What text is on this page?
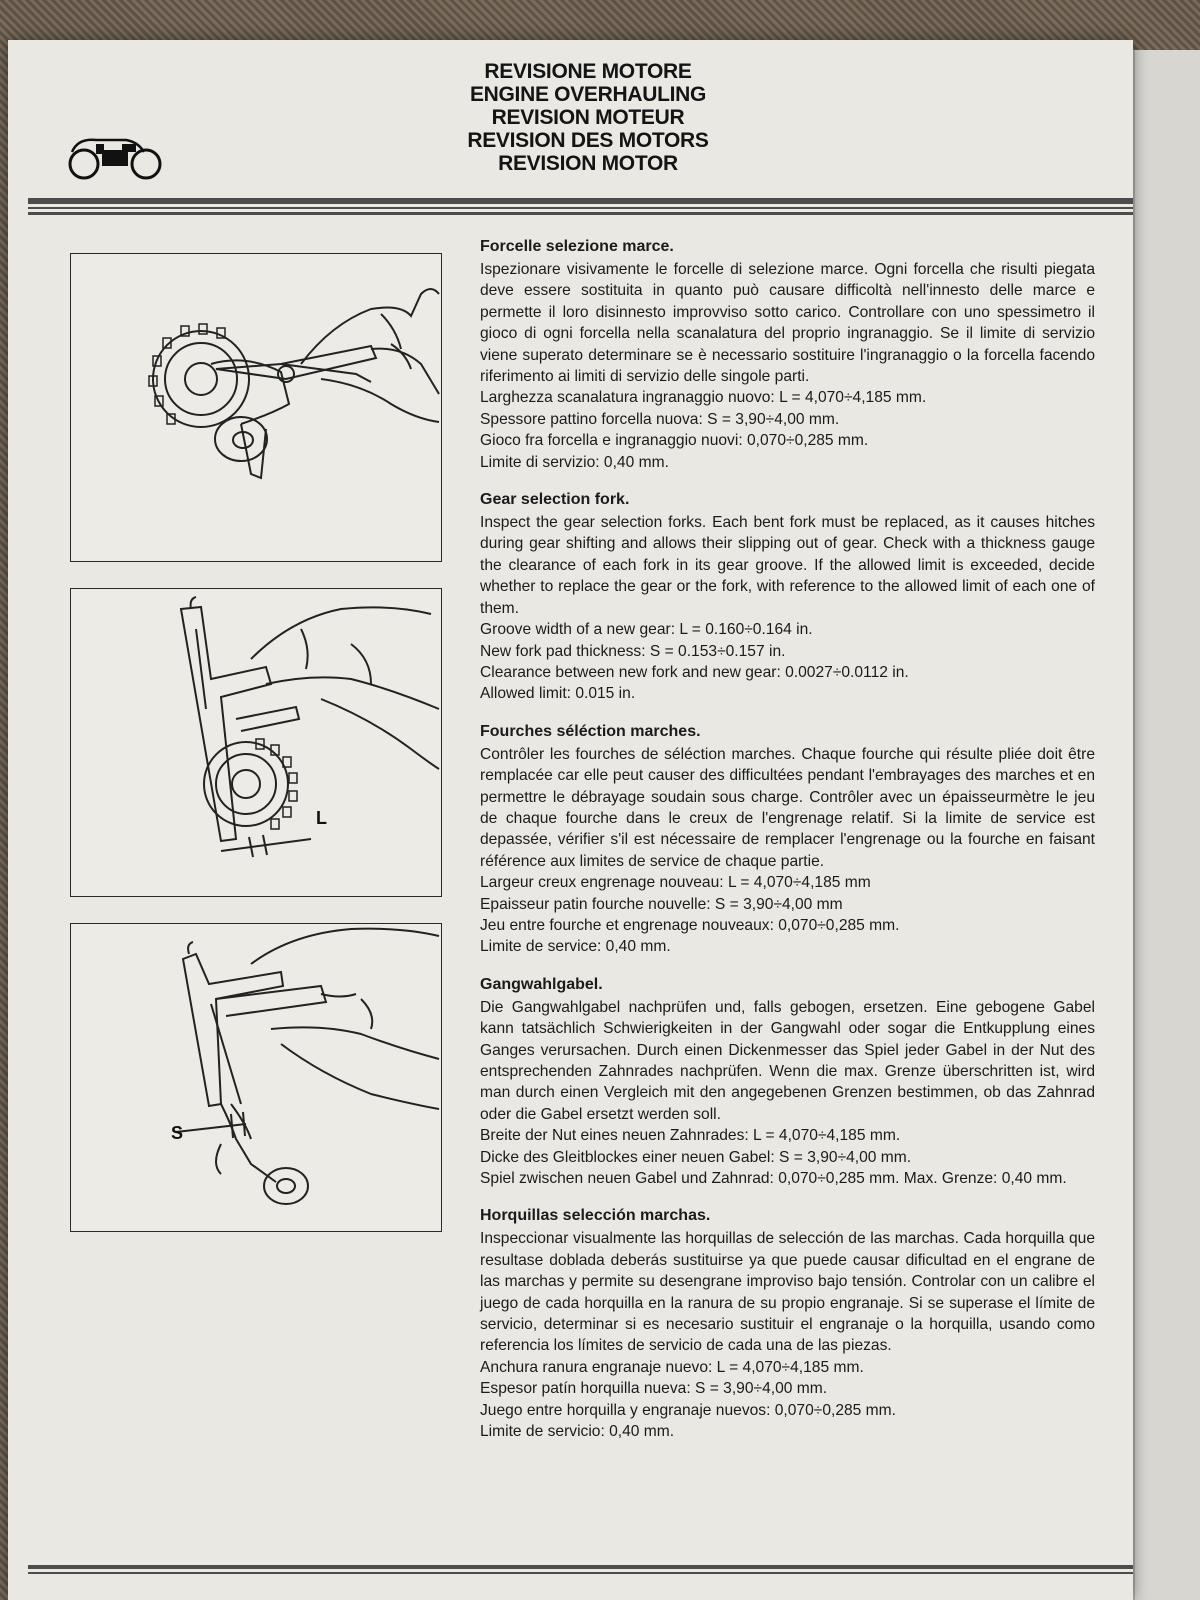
REVISIONE MOTORE
ENGINE OVERHAULING
REVISION MOTEUR
REVISION DES MOTORS
REVISION MOTOR
L
S
Forcelle selezione marce.

Ispezionare visivamente le forcelle di selezione marce. Ogni forcella che risulti piegata deve essere sostituita in quanto può causare difficoltà nell'innesto delle marce e permette il loro disinnesto improvviso sotto carico. Controllare con uno spessimetro il gioco di ogni forcella nella scanalatura del proprio ingranaggio. Se il limite di servizio viene superato determinare se è necessario sostituire l'ingranaggio o la forcella facendo riferimento ai limiti di servizio delle singole parti.

Larghezza scanalatura ingranaggio nuovo: L = 4,070÷4,185 mm.
Spessore pattino forcella nuova: S = 3,90÷4,00 mm.
Gioco fra forcella e ingranaggio nuovi: 0,070÷0,285 mm.
Limite di servizio: 0,40 mm.
Gear selection fork.

Inspect the gear selection forks. Each bent fork must be replaced, as it causes hitches during gear shifting and allows their slipping out of gear. Check with a thickness gauge the clearance of each fork in its gear groove. If the allowed limit is exceeded, decide whether to replace the gear or the fork, with reference to the allowed limit of each one of them.

Groove width of a new gear: L = 0.160÷0.164 in.
New fork pad thickness: S = 0.153÷0.157 in.
Clearance between new fork and new gear: 0.0027÷0.0112 in.
Allowed limit: 0.015 in.
Fourches séléction marches.

Contrôler les fourches de séléction marches. Chaque fourche qui résulte pliée doit être remplacée car elle peut causer des difficultées pendant l'embrayages des marches et en permettre le débrayage soudain sous charge. Contrôler avec un épaisseurmètre le jeu de chaque fourche dans le creux de l'engrenage relatif. Si la limite de service est depassée, vérifier s'il est nécessaire de remplacer l'engrenage ou la fourche en faisant référence aux limites de service de chaque partie.

Largeur creux engrenage nouveau: L = 4,070÷4,185 mm
Epaisseur patin fourche nouvelle: S = 3,90÷4,00 mm
Jeu entre fourche et engrenage nouveaux: 0,070÷0,285 mm.
Limite de service: 0,40 mm.
Gangwahlgabel.

Die Gangwahlgabel nachprüfen und, falls gebogen, ersetzen. Eine gebogene Gabel kann tatsächlich Schwierigkeiten in der Gangwahl oder sogar die Entkupplung eines Ganges verursachen. Durch einen Dickenmesser das Spiel jeder Gabel in der Nut des entsprechenden Zahnrades nachprüfen. Wenn die max. Grenze überschritten ist, wird man durch einen Vergleich mit den angegebenen Grenzen bestimmen, ob das Zahnrad oder die Gabel ersetzt werden soll.

Breite der Nut eines neuen Zahnrades: L = 4,070÷4,185 mm.
Dicke des Gleitblockes einer neuen Gabel: S = 3,90÷4,00 mm.
Spiel zwischen neuen Gabel und Zahnrad: 0,070÷0,285 mm. Max. Grenze: 0,40 mm.
Horquillas selección marchas.

Inspeccionar visualmente las horquillas de selección de las marchas. Cada horquilla que resultase doblada deberás sustituirse ya que puede causar dificultad en el engrane de las marchas y permite su desengrane improviso bajo tensión. Controlar con un calibre el juego de cada horquilla en la ranura de su propio engranaje. Si se superase el límite de servicio, determinar si es necesario sustituir el engranaje o la horquilla, usando como referencia los límites de servicio de cada una de las piezas.

Anchura ranura engranaje nuevo: L = 4,070÷4,185 mm.
Espesor patín horquilla nueva: S = 3,90÷4,00 mm.
Juego entre horquilla y engranaje nuevos: 0,070÷0,285 mm.
Limite de servicio: 0,40 mm.
